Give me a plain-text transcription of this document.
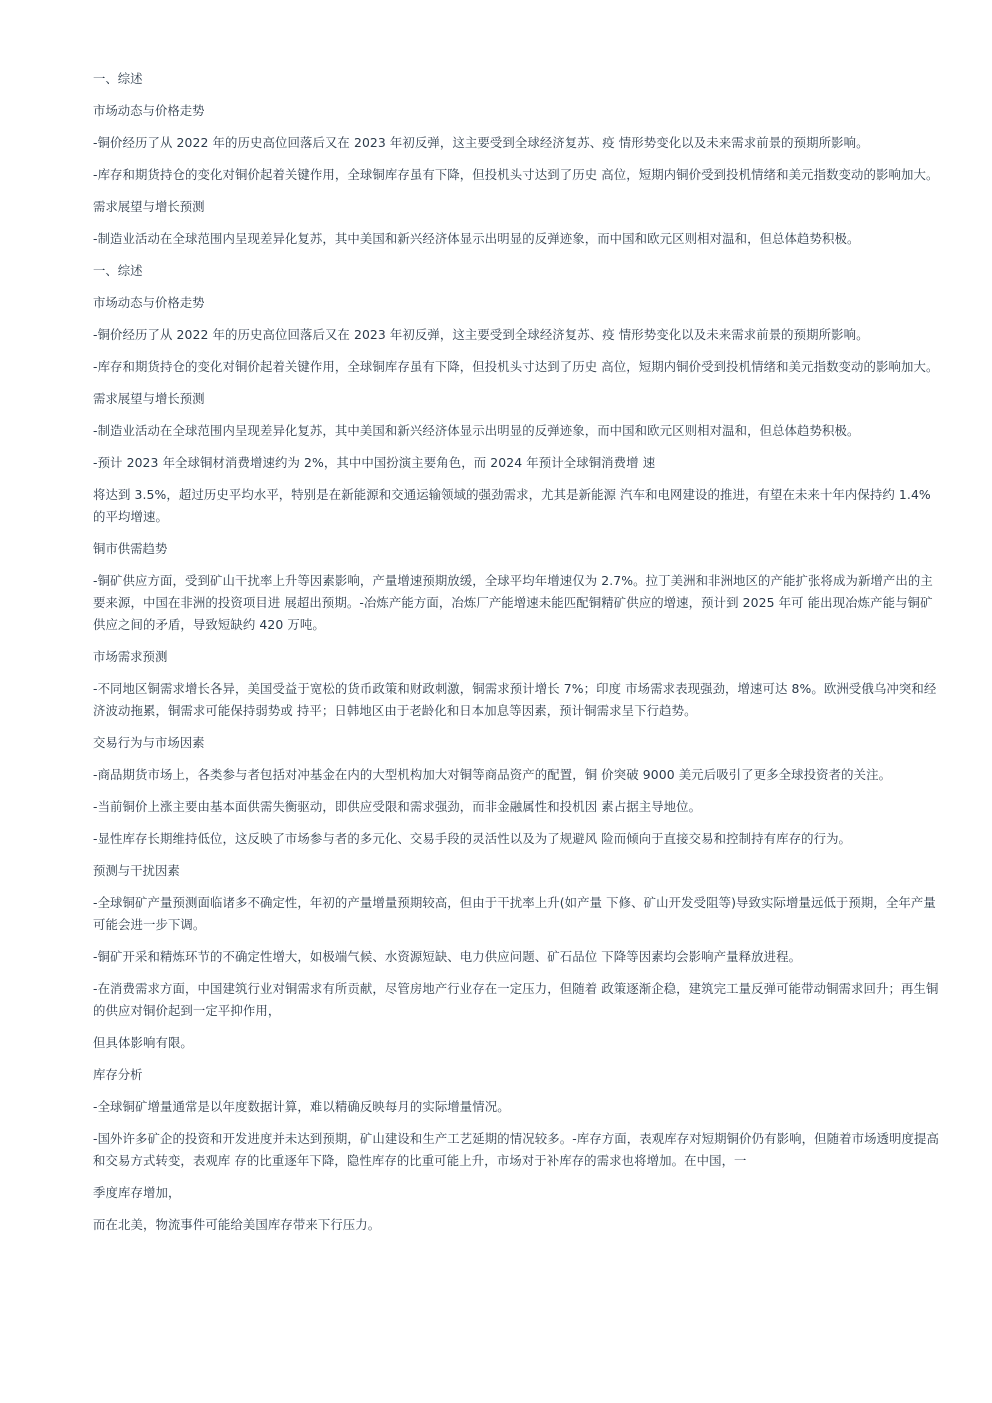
一、综述

市场动态与价格走势

-铜价经历了从 2022 年的历史高位回落后又在 2023 年初反弹，这主要受到全球经济复苏、疫 情形势变化以及未来需求前景的预期所影响。

-库存和期货持仓的变化对铜价起着关键作用，全球铜库存虽有下降，但投机头寸达到了历史 高位，短期内铜价受到投机情绪和美元指数变动的影响加大。

需求展望与增长预测

-制造业活动在全球范围内呈现差异化复苏，其中美国和新兴经济体显示出明显的反弹迹象，而中国和欧元区则相对温和，但总体趋势积极。

一、综述

市场动态与价格走势

-铜价经历了从 2022 年的历史高位回落后又在 2023 年初反弹，这主要受到全球经济复苏、疫 情形势变化以及未来需求前景的预期所影响。

-库存和期货持仓的变化对铜价起着关键作用，全球铜库存虽有下降，但投机头寸达到了历史 高位，短期内铜价受到投机情绪和美元指数变动的影响加大。

需求展望与增长预测

-制造业活动在全球范围内呈现差异化复苏，其中美国和新兴经济体显示出明显的反弹迹象，而中国和欧元区则相对温和，但总体趋势积极。

-预计 2023 年全球铜材消费增速约为 2%，其中中国扮演主要角色，而 2024 年预计全球铜消费增 速

将达到 3.5%，超过历史平均水平，特别是在新能源和交通运输领域的强劲需求，尤其是新能源 汽车和电网建设的推进，有望在未来十年内保持约 1.4%的平均增速。

铜市供需趋势

-铜矿供应方面，受到矿山干扰率上升等因素影响，产量增速预期放缓，全球平均年增速仅为 2.7%。拉丁美洲和非洲地区的产能扩张将成为新增产出的主要来源，中国在非洲的投资项目进 展超出预期。-冶炼产能方面，冶炼厂产能增速未能匹配铜精矿供应的增速，预计到 2025 年可 能出现冶炼产能与铜矿供应之间的矛盾，导致短缺约 420 万吨。

市场需求预测

-不同地区铜需求增长各异，美国受益于宽松的货币政策和财政刺激，铜需求预计增长 7%；印度 市场需求表现强劲，增速可达 8%。欧洲受俄乌冲突和经济波动拖累，铜需求可能保持弱势或 持平；日韩地区由于老龄化和日本加息等因素，预计铜需求呈下行趋势。

交易行为与市场因素

-商品期货市场上，各类参与者包括对冲基金在内的大型机构加大对铜等商品资产的配置，铜 价突破 9000 美元后吸引了更多全球投资者的关注。

-当前铜价上涨主要由基本面供需失衡驱动，即供应受限和需求强劲，而非金融属性和投机因 素占据主导地位。

-显性库存长期维持低位，这反映了市场参与者的多元化、交易手段的灵活性以及为了规避风 险而倾向于直接交易和控制持有库存的行为。

预测与干扰因素

-全球铜矿产量预测面临诸多不确定性，年初的产量增量预期较高，但由于干扰率上升(如产量 下修、矿山开发受阻等)导致实际增量远低于预期，全年产量可能会进一步下调。

-铜矿开采和精炼环节的不确定性增大，如极端气候、水资源短缺、电力供应问题、矿石品位 下降等因素均会影响产量释放进程。

-在消费需求方面，中国建筑行业对铜需求有所贡献，尽管房地产行业存在一定压力，但随着 政策逐渐企稳，建筑完工量反弹可能带动铜需求回升；再生铜的供应对铜价起到一定平抑作用，

但具体影响有限。

库存分析

-全球铜矿增量通常是以年度数据计算，难以精确反映每月的实际增量情况。

-国外许多矿企的投资和开发进度并未达到预期，矿山建设和生产工艺延期的情况较多。-库存方面，表观库存对短期铜价仍有影响，但随着市场透明度提高和交易方式转变，表观库 存的比重逐年下降，隐性库存的比重可能上升，市场对于补库存的需求也将增加。在中国，一

季度库存增加，

而在北美，物流事件可能给美国库存带来下行压力。
